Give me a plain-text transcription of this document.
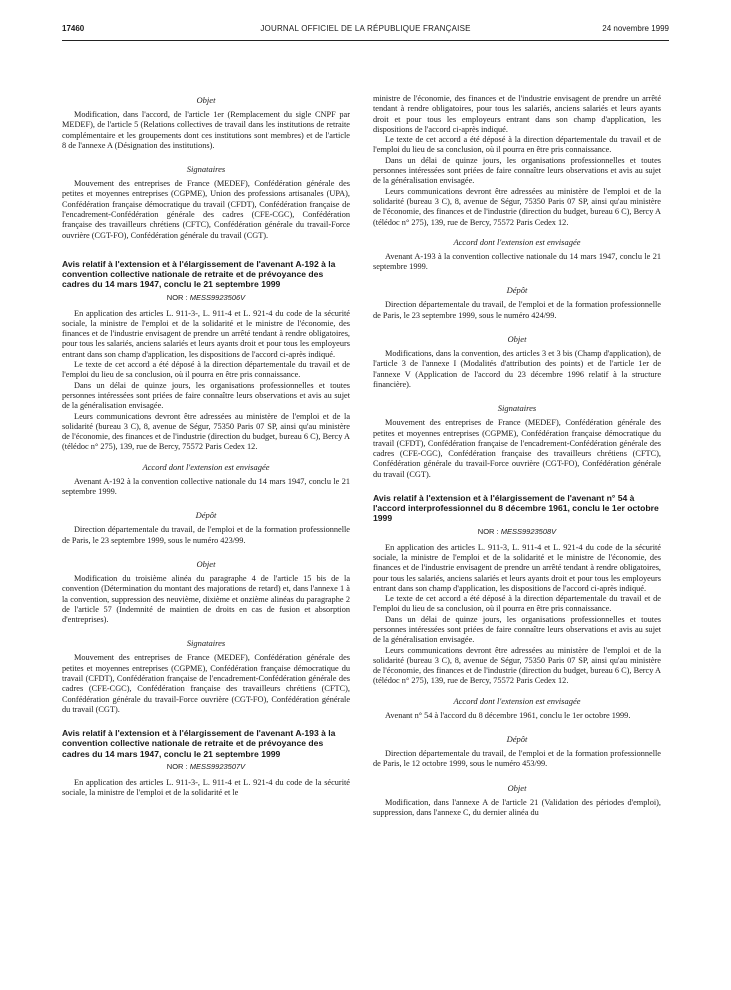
17460	JOURNAL OFFICIEL DE LA RÉPUBLIQUE FRANÇAISE	24 novembre 1999

Objet

Modification, dans l'accord, de l'article 1er (Remplacement du sigle CNPF par MEDEF), de l'article 5 (Relations collectives de travail dans les institutions de retraite complémentaire et les groupements dont ces institutions sont membres) et de l'article 8 de l'annexe A (Désignation des institutions).

Signataires

Mouvement des entreprises de France (MEDEF), Confédération générale des petites et moyennes entreprises (CGPME), Union des professions artisanales (UPA), Confédération française démocratique du travail (CFDT), Confédération française de l'encadrement-Confédération générale des cadres (CFE-CGC), Confédération française des travailleurs chrétiens (CFTC), Confédération générale du travail-Force ouvrière (CGT-FO), Confédération générale du travail (CGT).

Avis relatif à l'extension et à l'élargissement de l'avenant A-192 à la convention collective nationale de retraite et de prévoyance des cadres du 14 mars 1947, conclu le 21 septembre 1999

NOR : MESS9923506V

En application des articles L. 911-3-, L. 911-4 et L. 921-4 du code de la sécurité sociale, la ministre de l'emploi et de la solidarité et le ministre de l'économie, des finances et de l'industrie envisagent de prendre un arrêté tendant à rendre obligatoires, pour tous les salariés, anciens salariés et leurs ayants droit et pour tous les employeurs entrant dans son champ d'application, les dispositions de l'accord ci-après indiqué.

Le texte de cet accord a été déposé à la direction départementale du travail et de l'emploi du lieu de sa conclusion, où il pourra en être pris connaissance.

Dans un délai de quinze jours, les organisations professionnelles et toutes personnes intéressées sont priées de faire connaître leurs observations et avis au sujet de la généralisation envisagée.

Leurs communications devront être adressées au ministère de l'emploi et de la solidarité (bureau 3 C), 8, avenue de Ségur, 75350 Paris 07 SP, ainsi qu'au ministère de l'économie, des finances et de l'industrie (direction du budget, bureau 6 C), Bercy A (télédoc n° 275), 139, rue de Bercy, 75572 Paris Cedex 12.

Accord dont l'extension est envisagée

Avenant A-192 à la convention collective nationale du 14 mars 1947, conclu le 21 septembre 1999.

Dépôt

Direction départementale du travail, de l'emploi et de la formation professionnelle de Paris, le 23 septembre 1999, sous le numéro 423/99.

Objet

Modification du troisième alinéa du paragraphe 4 de l'article 15 bis de la convention (Détermination du montant des majorations de retard) et, dans l'annexe 1 à la convention, suppression des neuvième, dixième et onzième alinéas du paragraphe 2 de l'article 57 (Indemnité de maintien de droits en cas de fusion et absorption d'entreprises).

Signataires

Mouvement des entreprises de France (MEDEF), Confédération générale des petites et moyennes entreprises (CGPME), Confédération française démocratique du travail (CFDT), Confédération française de l'encadrement-Confédération générale des cadres (CFE-CGC), Confédération française des travailleurs chrétiens (CFTC), Confédération générale du travail-Force ouvrière (CGT-FO), Confédération générale du travail (CGT).

Avis relatif à l'extension et à l'élargissement de l'avenant A-193 à la convention collective nationale de retraite et de prévoyance des cadres du 14 mars 1947, conclu le 21 septembre 1999

NOR : MESS9923507V

En application des articles L. 911-3-, L. 911-4 et L. 921-4 du code de la sécurité sociale, la ministre de l'emploi et de la solidarité et le

ministre de l'économie, des finances et de l'industrie envisagent de prendre un arrêté tendant à rendre obligatoires, pour tous les salariés, anciens salariés et leurs ayants droit et pour tous les employeurs entrant dans son champ d'application, les dispositions de l'accord ci-après indiqué.

Le texte de cet accord a été déposé à la direction départementale du travail et de l'emploi du lieu de sa conclusion, où il pourra en être pris connaissance.

Dans un délai de quinze jours, les organisations professionnelles et toutes personnes intéressées sont priées de faire connaître leurs observations et avis au sujet de la généralisation envisagée.

Leurs communications devront être adressées au ministère de l'emploi et de la solidarité (bureau 3 C), 8, avenue de Ségur, 75350 Paris 07 SP, ainsi qu'au ministère de l'économie, des finances et de l'industrie (direction du budget, bureau 6 C), Bercy A (télédoc n° 275), 139, rue de Bercy, 75572 Paris Cedex 12.

Accord dont l'extension est envisagée

Avenant A-193 à la convention collective nationale du 14 mars 1947, conclu le 21 septembre 1999.

Dépôt

Direction départementale du travail, de l'emploi et de la formation professionnelle de Paris, le 23 septembre 1999, sous le numéro 424/99.

Objet

Modifications, dans la convention, des articles 3 et 3 bis (Champ d'application), de l'article 3 de l'annexe I (Modalités d'attribution des points) et de l'article 1er de l'annexe V (Application de l'accord du 23 décembre 1996 relatif à la structure financière).

Signataires

Mouvement des entreprises de France (MEDEF), Confédération générale des petites et moyennes entreprises (CGPME), Confédération française démocratique du travail (CFDT), Confédération française de l'encadrement-Confédération générale des cadres (CFE-CGC), Confédération française des travailleurs chrétiens (CFTC), Confédération générale du travail-Force ouvrière (CGT-FO), Confédération générale du travail (CGT).

Avis relatif à l'extension et à l'élargissement de l'avenant n° 54 à l'accord interprofessionnel du 8 décembre 1961, conclu le 1er octobre 1999

NOR : MESS9923508V

En application des articles L. 911-3, L. 911-4 et L. 921-4 du code de la sécurité sociale, la ministre de l'emploi et de la solidarité et le ministre de l'économie, des finances et de l'industrie envisagent de prendre un arrêté tendant à rendre obligatoires, pour tous les salariés, anciens salariés et leurs ayants droit et pour tous les employeurs entrant dans son champ d'application, les dispositions de l'accord ci-après indiqué.

Le texte de cet accord a été déposé à la direction départementale du travail et de l'emploi du lieu de sa conclusion, où il pourra en être pris connaissance.

Dans un délai de quinze jours, les organisations professionnelles et toutes personnes intéressées sont priées de faire connaître leurs observations et avis au sujet de la généralisation envisagée.

Leurs communications devront être adressées au ministère de l'emploi et de la solidarité (bureau 3 C), 8, avenue de Ségur, 75350 Paris 07 SP, ainsi qu'au ministère de l'économie, des finances et de l'industrie (direction du budget, bureau 6 C), Bercy A (télédoc n° 275), 139, rue de Bercy, 75572 Paris Cedex 12.

Accord dont l'extension est envisagée

Avenant n° 54 à l'accord du 8 décembre 1961, conclu le 1er octobre 1999.

Dépôt

Direction départementale du travail, de l'emploi et de la formation professionnelle de Paris, le 12 octobre 1999, sous le numéro 453/99.

Objet

Modification, dans l'annexe A de l'article 21 (Validation des périodes d'emploi), suppression, dans l'annexe C, du dernier alinéa du
